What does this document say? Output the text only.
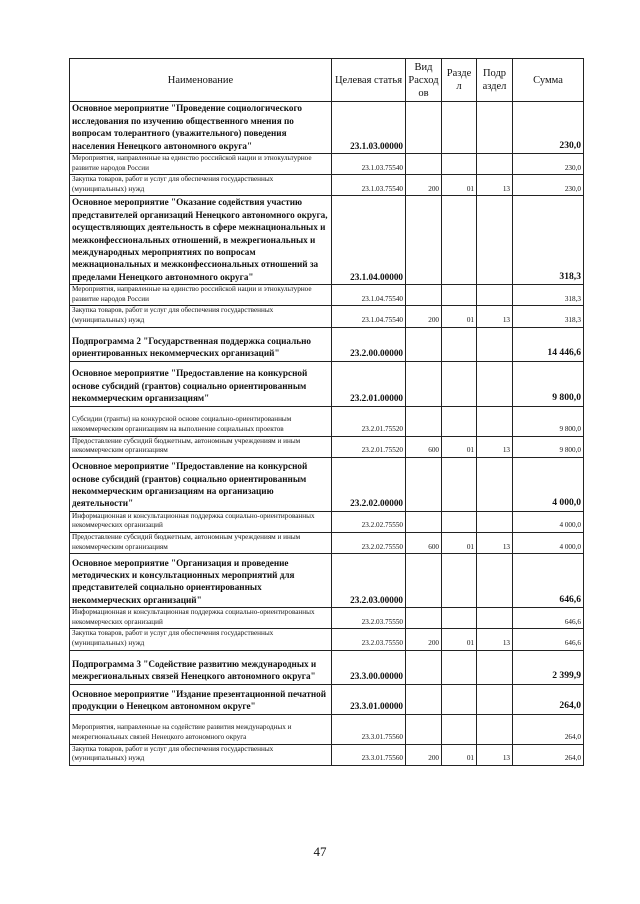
Наименование	Целевая статья	Вид Расход ов	Разде л	Подр аздел	Сумма
Основное мероприятие "Проведение социологического исследования по изучению общественного мнения по вопросам толерантного (уважительного) поведения населения Ненецкого автономного округа"	23.1.03.00000				230,0
Мероприятия, направленные на единство российской нации и этнокультурное развитие народов России	23.1.03.75540				230,0
Закупка товаров, работ и услуг для обеспечения государственных (муниципальных) нужд	23.1.03.75540	200	01	13	230,0
Основное мероприятие "Оказание содействия участию представителей организаций Ненецкого автономного округа, осуществляющих деятельность в сфере межнациональных и межконфессиональных отношений, в межрегиональных и международных мероприятиях по вопросам межнациональных и межконфессиональных отношений за пределами Ненецкого автономного округа"	23.1.04.00000				318,3
Мероприятия, направленные на единство российской нации и этнокультурное развитие народов России	23.1.04.75540				318,3
Закупка товаров, работ и услуг для обеспечения государственных (муниципальных) нужд	23.1.04.75540	200	01	13	318,3
Подпрограмма 2 "Государственная поддержка социально ориентированных некоммерческих организаций"	23.2.00.00000				14 446,6
Основное мероприятие "Предоставление на конкурсной основе субсидий (грантов) социально ориентированным некоммерческим организациям"	23.2.01.00000				9 800,0
Субсидии (гранты) на конкурсной основе социально-ориентированным некоммерческим организациям на выполнение социальных проектов	23.2.01.75520				9 800,0
Предоставление субсидий бюджетным, автономным учреждениям и иным некоммерческим организациям	23.2.01.75520	600	01	13	9 800,0
Основное мероприятие "Предоставление на конкурсной основе субсидий (грантов) социально ориентированным некоммерческим организациям на организацию деятельности"	23.2.02.00000				4 000,0
Информационная и консультационная поддержка социально-ориентированных некоммерческих организаций	23.2.02.75550				4 000,0
Предоставление субсидий бюджетным, автономным учреждениям и иным некоммерческим организациям	23.2.02.75550	600	01	13	4 000,0
Основное мероприятие "Организация и проведение методических и консультационных мероприятий для представителей социально ориентированных некоммерческих организаций"	23.2.03.00000				646,6
Информационная и консультационная поддержка социально-ориентированных некоммерческих организаций	23.2.03.75550				646,6
Закупка товаров, работ и услуг для обеспечения государственных (муниципальных) нужд	23.2.03.75550	200	01	13	646,6
Подпрограмма 3 "Содействие развитию международных и межрегиональных связей Ненецкого автономного округа"	23.3.00.00000				2 399,9
Основное мероприятие "Издание презентационной печатной продукции о Ненецком автономном округе"	23.3.01.00000				264,0
Мероприятия, направленные на содействие развития международных и межрегиональных связей Ненецкого автономного округа	23.3.01.75560				264,0
Закупка товаров, работ и услуг для обеспечения государственных (муниципальных) нужд	23.3.01.75560	200	01	13	264,0
47
